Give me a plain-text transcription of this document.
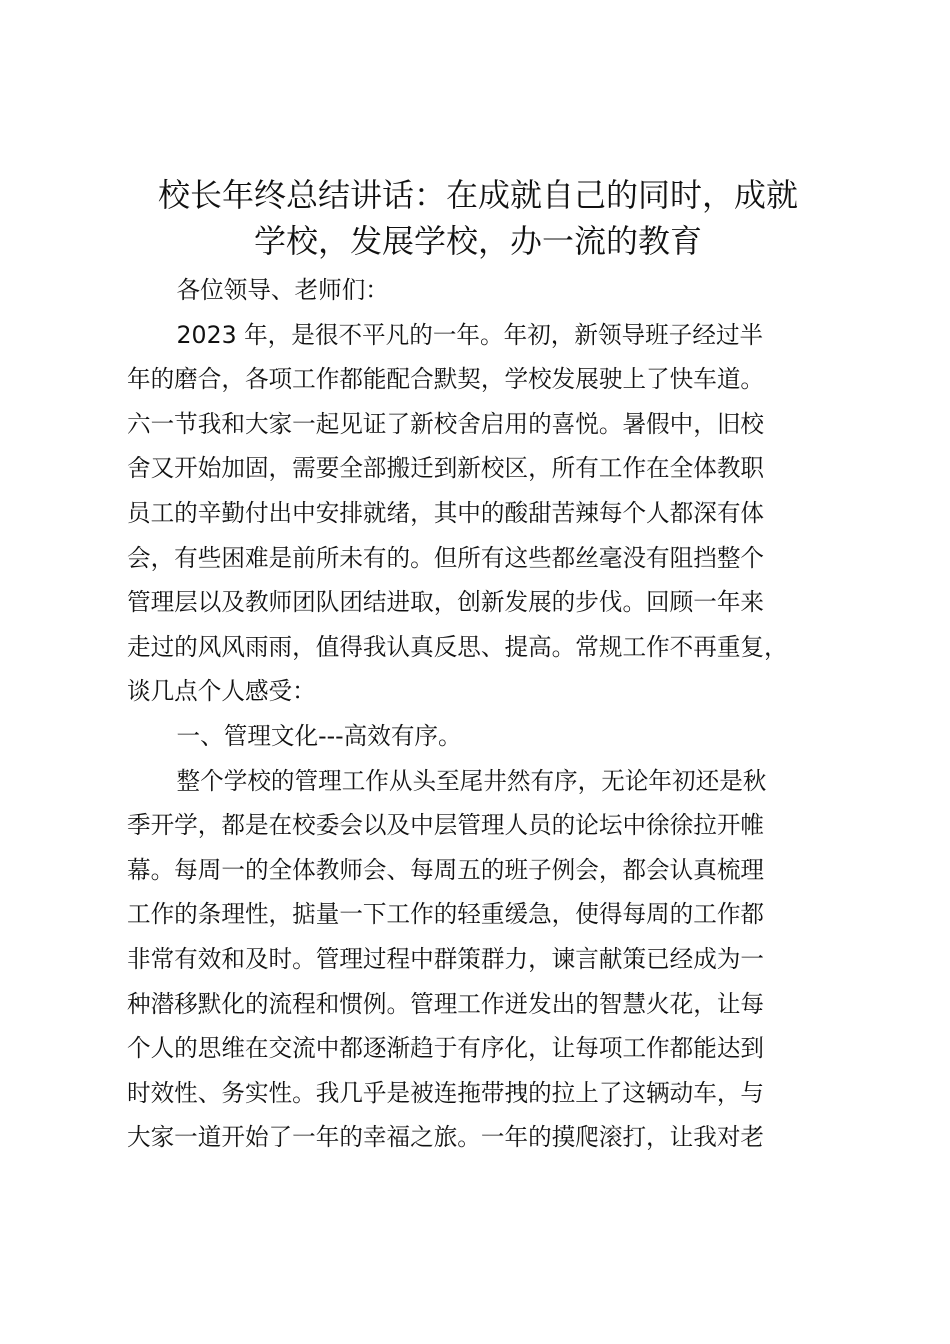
校长年终总结讲话：在成就自己的同时，成就
学校，发展学校，办一流的教育

各位领导、老师们：

2023 年，是很不平凡的一年。年初，新领导班子经过半
年的磨合，各项工作都能配合默契，学校发展驶上了快车道。
六一节我和大家一起见证了新校舍启用的喜悦。暑假中，旧校
舍又开始加固，需要全部搬迁到新校区，所有工作在全体教职
员工的辛勤付出中安排就绪，其中的酸甜苦辣每个人都深有体
会，有些困难是前所未有的。但所有这些都丝毫没有阻挡整个
管理层以及教师团队团结进取，创新发展的步伐。回顾一年来
走过的风风雨雨，值得我认真反思、提高。常规工作不再重复，
谈几点个人感受：

一、管理文化---高效有序。

整个学校的管理工作从头至尾井然有序，无论年初还是秋
季开学，都是在校委会以及中层管理人员的论坛中徐徐拉开帷
幕。每周一的全体教师会、每周五的班子例会，都会认真梳理
工作的条理性，掂量一下工作的轻重缓急，使得每周的工作都
非常有效和及时。管理过程中群策群力，谏言献策已经成为一
种潜移默化的流程和惯例。管理工作迸发出的智慧火花，让每
个人的思维在交流中都逐渐趋于有序化，让每项工作都能达到
时效性、务实性。我几乎是被连拖带拽的拉上了这辆动车，与
大家一道开始了一年的幸福之旅。一年的摸爬滚打，让我对老
